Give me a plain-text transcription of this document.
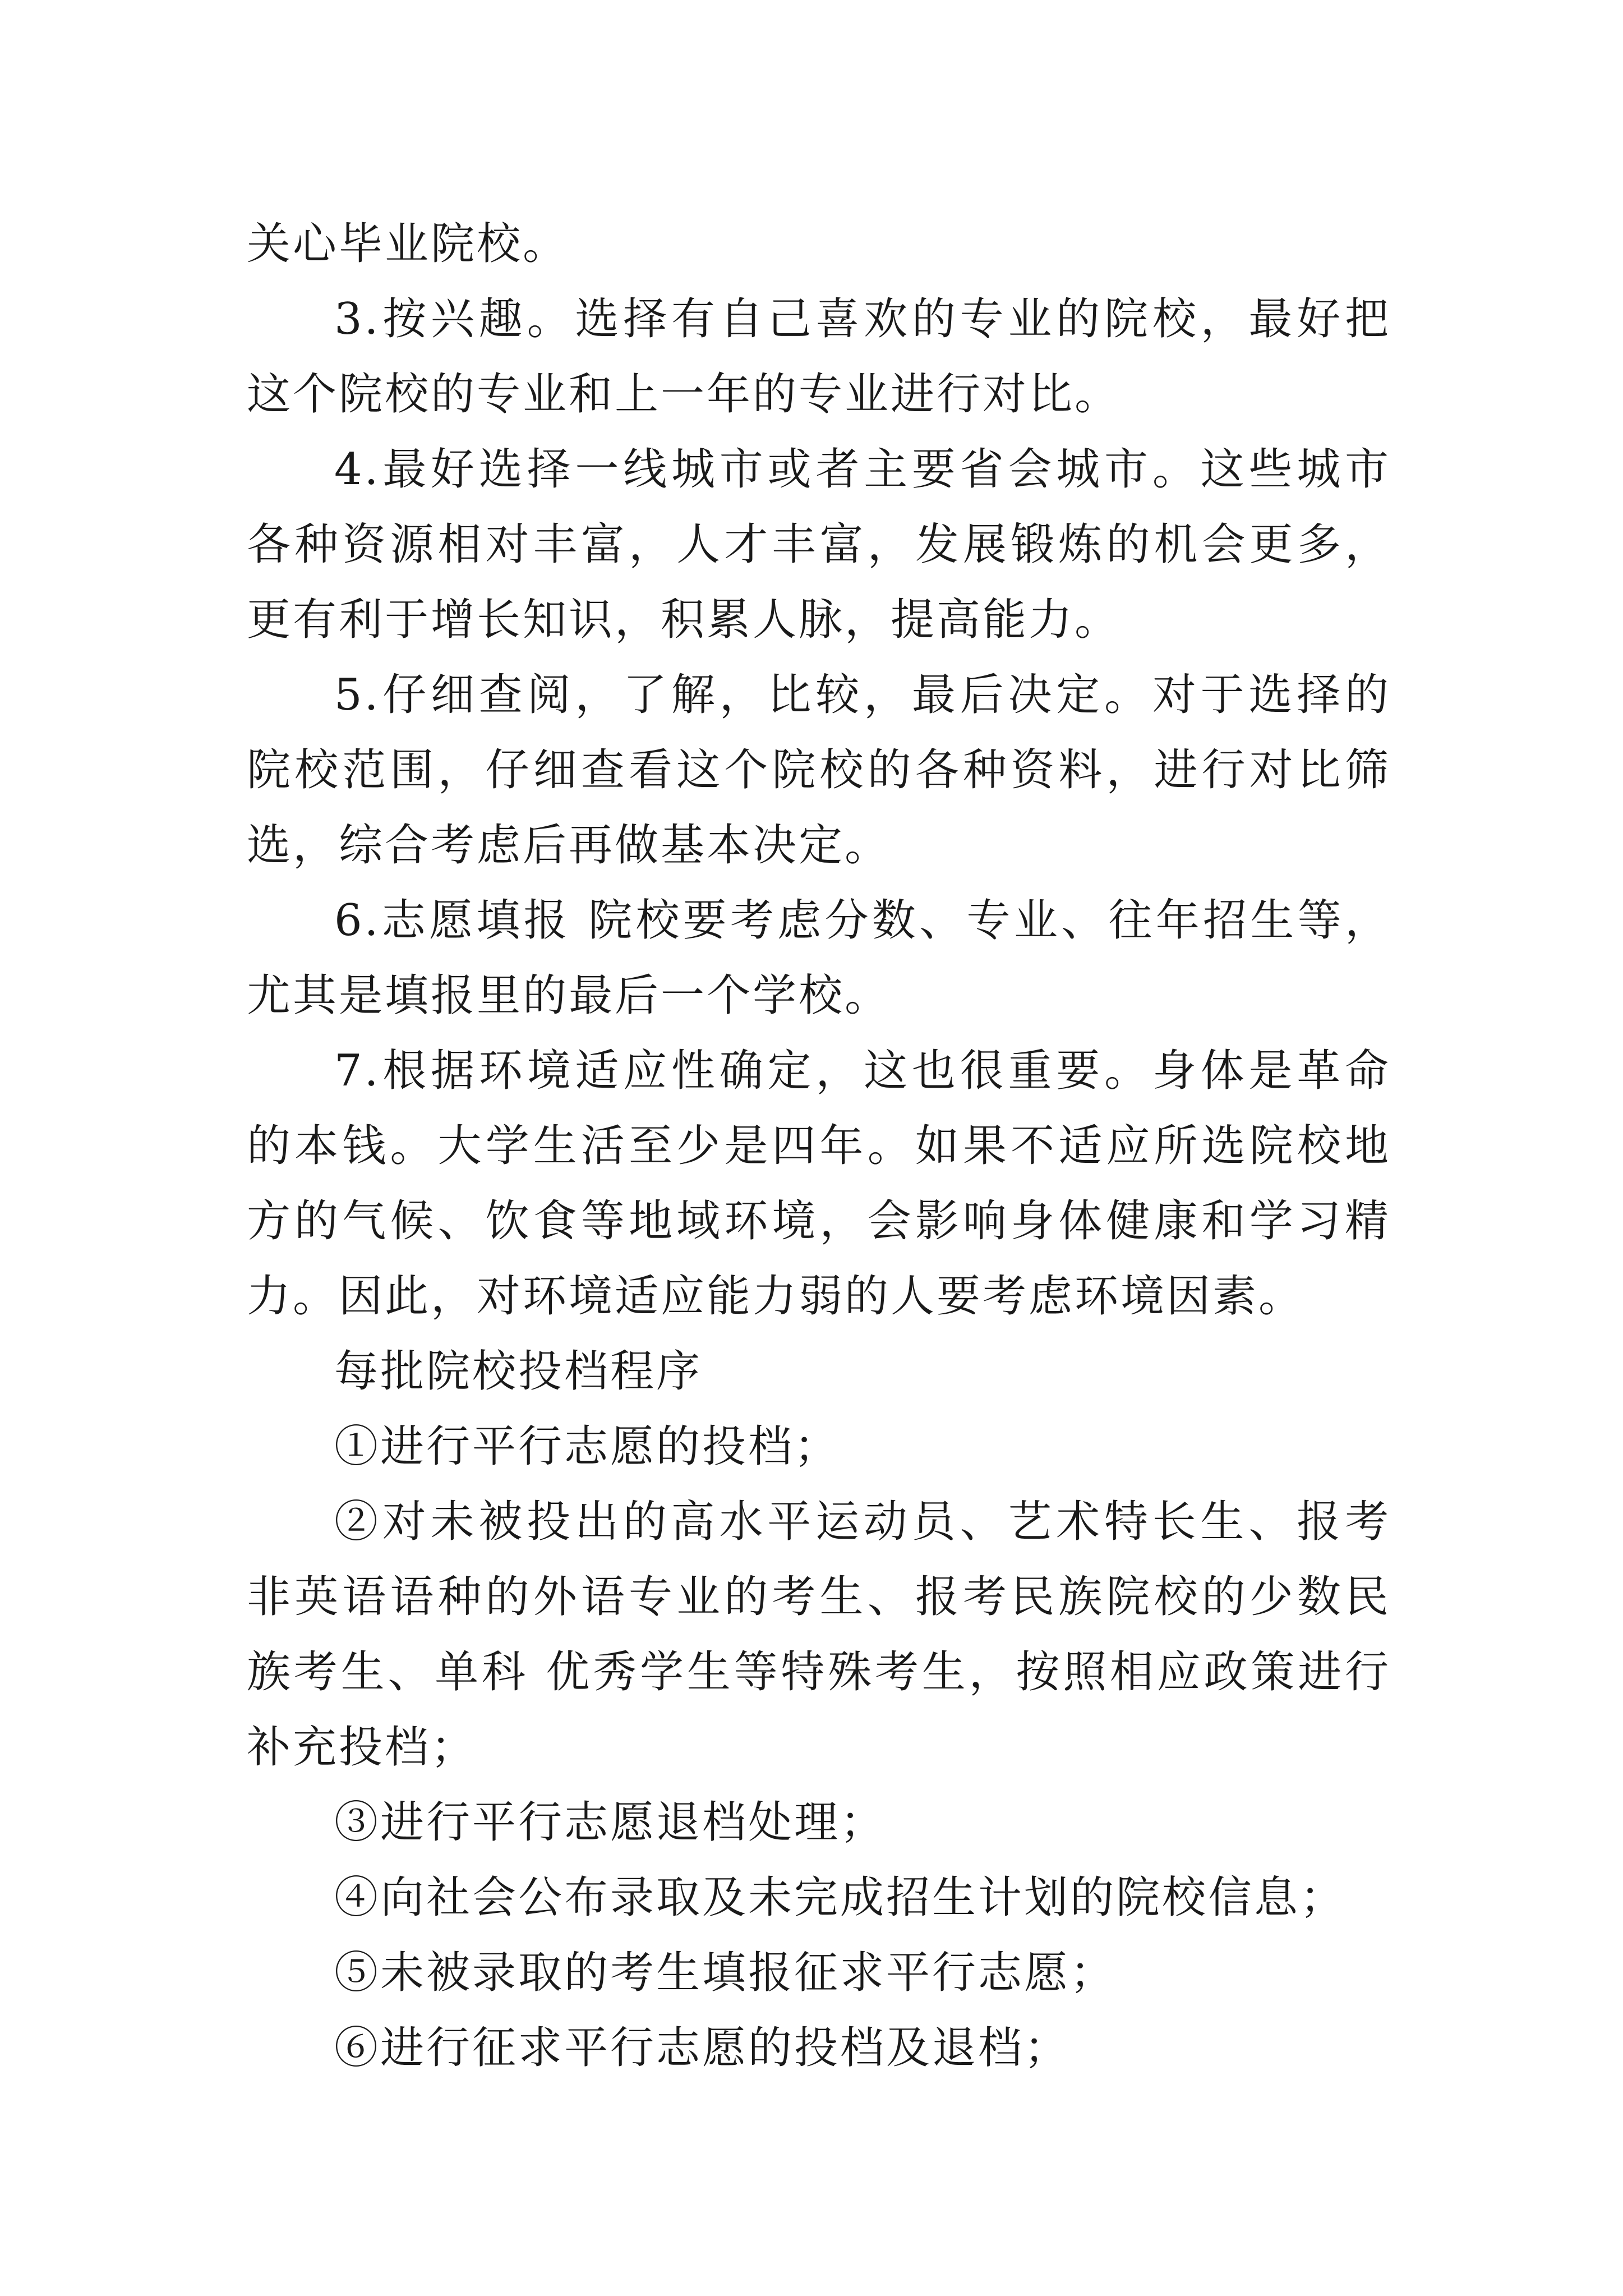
关心毕业院校。

3.按兴趣。选择有自己喜欢的专业的院校，最好把这个院校的专业和上一年的专业进行对比。

4.最好选择一线城市或者主要省会城市。这些城市各种资源相对丰富，人才丰富，发展锻炼的机会更多，更有利于增长知识，积累人脉，提高能力。

5.仔细查阅，了解，比较，最后决定。对于选择的院校范围，仔细查看这个院校的各种资料，进行对比筛选，综合考虑后再做基本决定。

6.志愿填报 院校要考虑分数、专业、往年招生等，尤其是填报里的最后一个学校。

7.根据环境适应性确定，这也很重要。身体是革命的本钱。大学生活至少是四年。如果不适应所选院校地方的气候、饮食等地域环境，会影响身体健康和学习精力。因此，对环境适应能力弱的人要考虑环境因素。

每批院校投档程序

①进行平行志愿的投档；

②对未被投出的高水平运动员、艺术特长生、报考非英语语种的外语专业的考生、报考民族院校的少数民族考生、单科 优秀学生等特殊考生，按照相应政策进行补充投档；

③进行平行志愿退档处理；

④向社会公布录取及未完成招生计划的院校信息；

⑤未被录取的考生填报征求平行志愿；

⑥进行征求平行志愿的投档及退档；
